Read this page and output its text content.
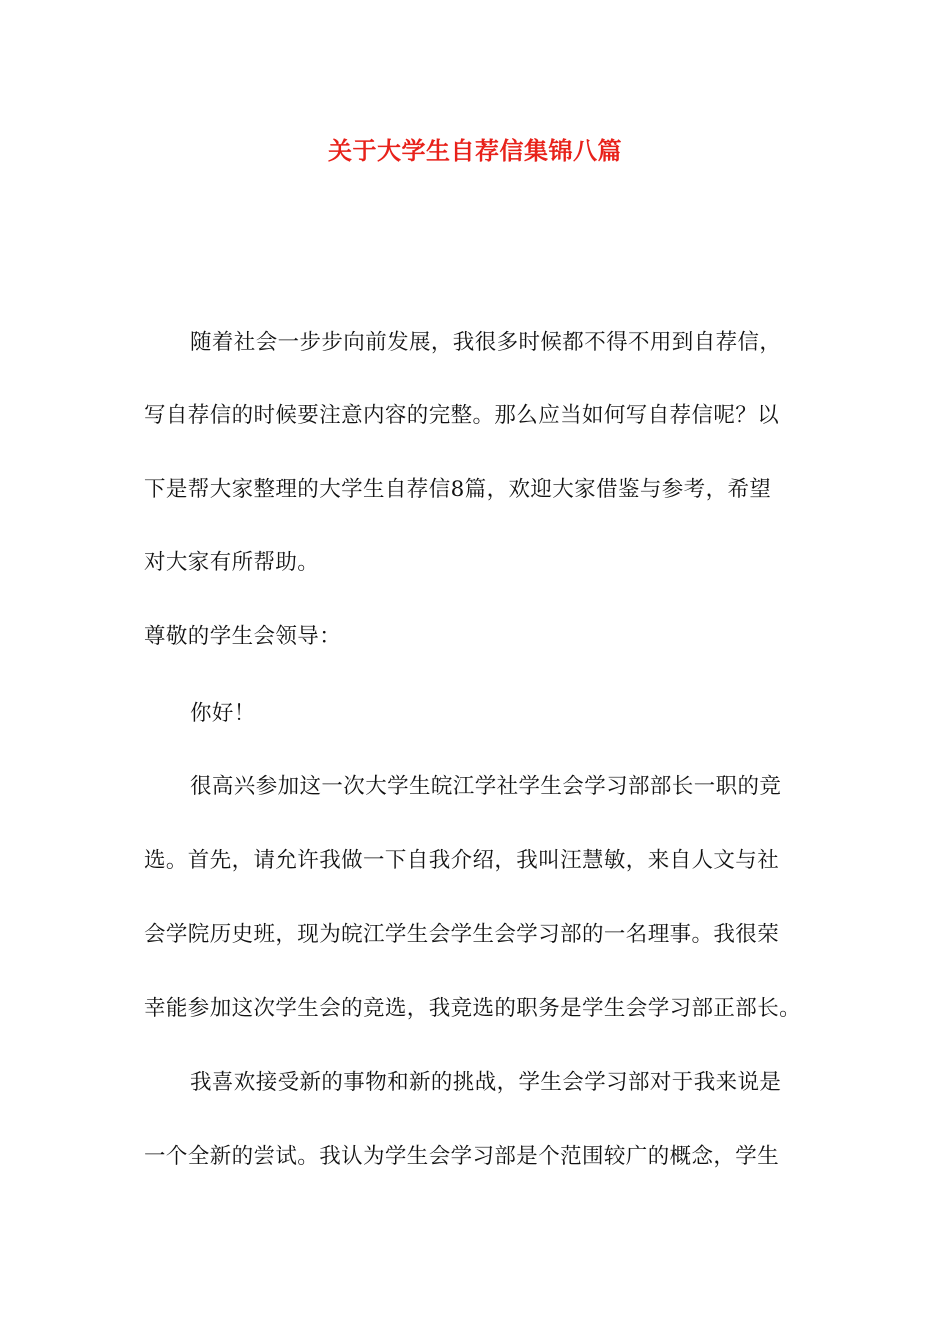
关于大学生自荐信集锦八篇
随着社会一步步向前发展，我很多时候都不得不用到自荐信，
写自荐信的时候要注意内容的完整。那么应当如何写自荐信呢？以
下是帮大家整理的大学生自荐信8篇，欢迎大家借鉴与参考，希望
对大家有所帮助。
尊敬的学生会领导：
你好！
很高兴参加这一次大学生皖江学社学生会学习部部长一职的竞
选。首先，请允许我做一下自我介绍，我叫汪慧敏，来自人文与社
会学院历史班，现为皖江学生会学生会学习部的一名理事。我很荣
幸能参加这次学生会的竞选，我竞选的职务是学生会学习部正部长。
我喜欢接受新的事物和新的挑战，学生会学习部对于我来说是
一个全新的尝试。我认为学生会学习部是个范围较广的概念，学生
